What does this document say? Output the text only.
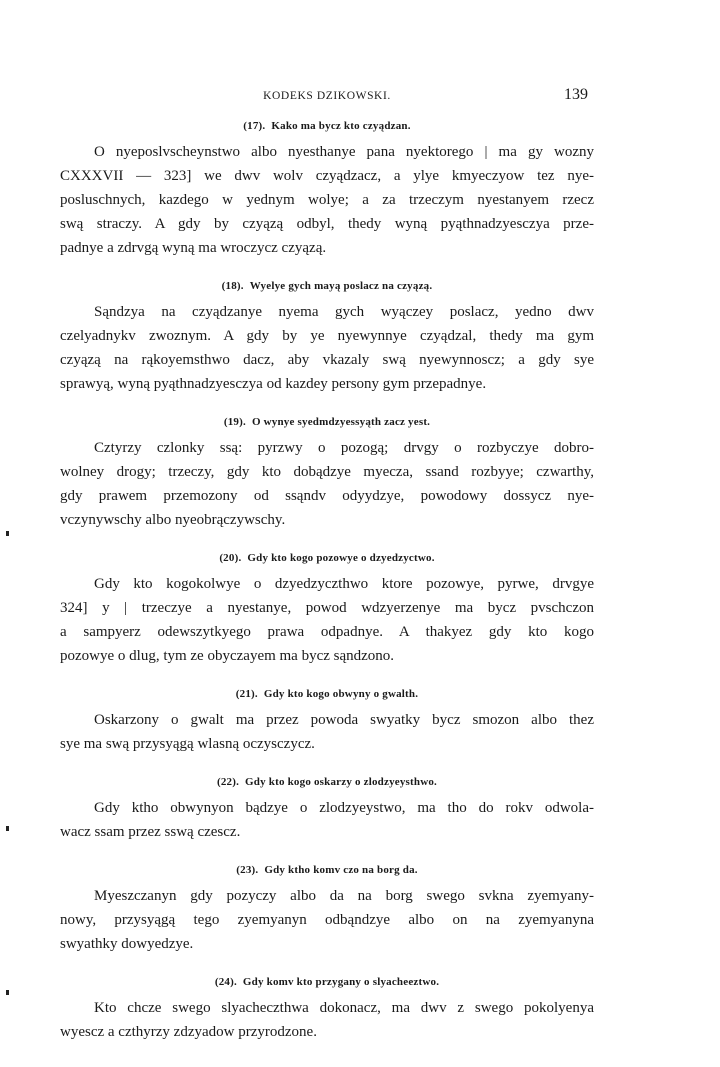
KODEKS DZIKOWSKI.	139
(17). Kako ma bycz kto czyądzan.
O nyeposlvscheynstwo albo nyesthanye pana nyektorego | ma gy wozny
CXXXVII — 323] we dwv wolv czyądzacz, a ylye kmyeczyow tez nye-
posluschnych, kazdego w yednym wolye; a za trzeczym nyestanyem rzecz
swą straczy. A gdy by czyązą odbyl, thedy wyną pyąthnadzyesczya prze-
padnye a zdrvgą wyną ma wroczycz czyązą.
(18). Wyelye gych mayą poslacz na czyązą.
Sąndzya na czyądzanye nyema gych wyączey poslacz, yedno dwv
czelyadnykv zwoznym. A gdy by ye nyewynnye czyądzal, thedy ma gym
czyązą na rąkoyemsthwo dacz, aby vkazaly swą nyewynnoscz; a gdy sye
sprawyą, wyną pyąthnadzyesczya od kazdey persony gym przepadnye.
(19). O wynye syedmdzyessyąth zacz yest.
Cztyrzy czlonky ssą: pyrzwy o pozogą; drvgy o rozbyczye dobro-
wolney drogy; trzeczy, gdy kto dobądzye myecza, ssand rozbyye; czwarthy,
gdy prawem przemozony od ssąndv odyydzye, powodowy dossycz nye-
vczynywschy albo nyeobrączywschy.
(20). Gdy kto kogo pozowye o dzyedzyctwo.
Gdy kto kogokolwye o dzyedzyczthwo ktore pozowye, pyrwe, drvgye
324] y | trzeczye a nyestanye, powod wdzyerzenye ma bycz pvschczon
a sampyerz odewszytkyego prawa odpadnye. A thakyez gdy kto kogo
pozowye o dlug, tym ze obyczayem ma bycz sąndzono.
(21). Gdy kto kogo obwyny o gwalth.
Oskarzony o gwalt ma przez powoda swyatky bycz smozon albo thez
sye ma swą przysyągą wlasną oczysczycz.
(22). Gdy kto kogo oskarzy o zlodzyeysthwo.
Gdy ktho obwynyon bądzye o zlodzyeystwo, ma tho do rokv odwola-
wacz ssam przez sswą czescz.
(23). Gdy ktho komv czo na borg da.
Myeszczanyn gdy pozyczy albo da na borg swego svkna zyemyany-
nowy, przysyągą tego zyemyanyn odbąndzye albo on na zyemyanyna
swyathky dowyedzye.
(24). Gdy komv kto przygany o slyacheeztwo.
Kto chcze swego slyacheczthwa dokonacz, ma dwv z swego pokolyenya
wyescz a czthyrzy zdzyadow przyrodzone.
